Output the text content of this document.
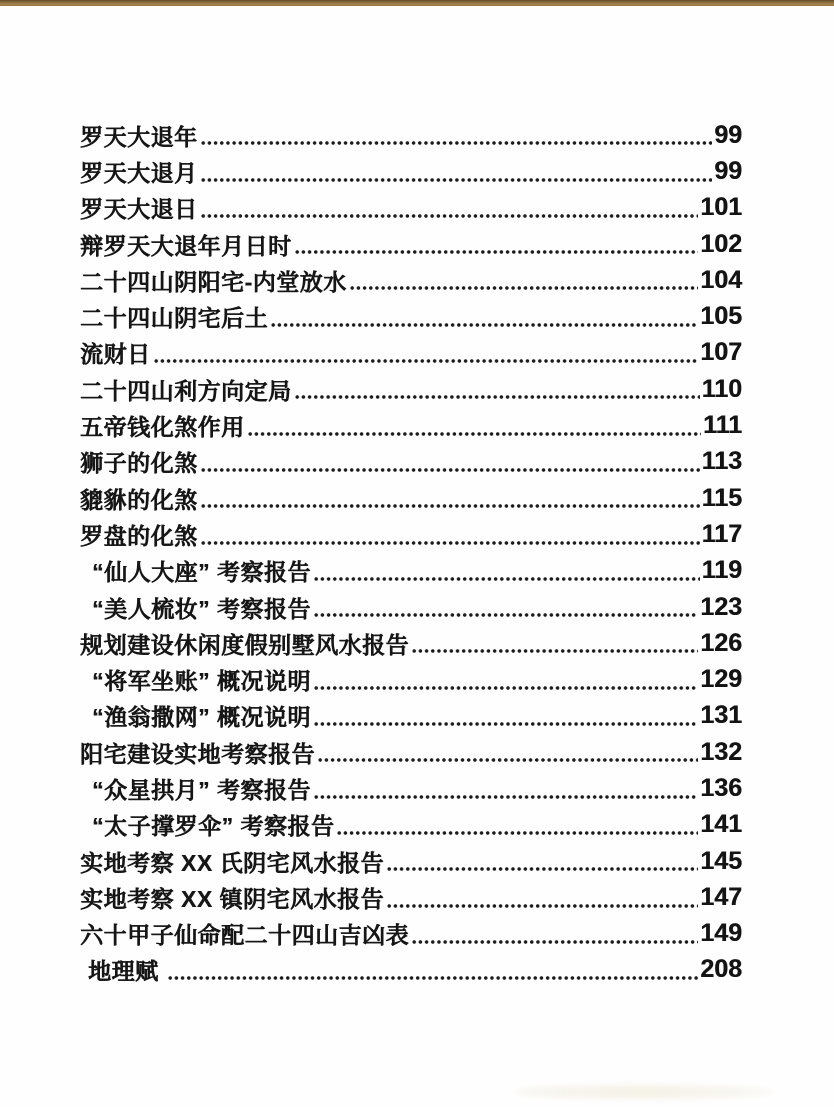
罗天大退年	99
罗天大退月	99
罗天大退日	101
辩罗天大退年月日时	102
二十四山阴阳宅-内堂放水	104
二十四山阴宅后土	105
流财日	107
二十四山利方向定局	110
五帝钱化煞作用	111
狮子的化煞	113
貔貅的化煞	115
罗盘的化煞	117
“仙人大座” 考察报告	119
“美人梳妆” 考察报告	123
规划建设休闲度假别墅风水报告	126
“将军坐账” 概况说明	129
“渔翁撒网” 概况说明	131
阳宅建设实地考察报告	132
“众星拱月” 考察报告	136
“太子撑罗伞” 考察报告	141
实地考察 XX 氏阴宅风水报告	145
实地考察 XX 镇阴宅风水报告	147
六十甲子仙命配二十四山吉凶表	149
地理赋	208
